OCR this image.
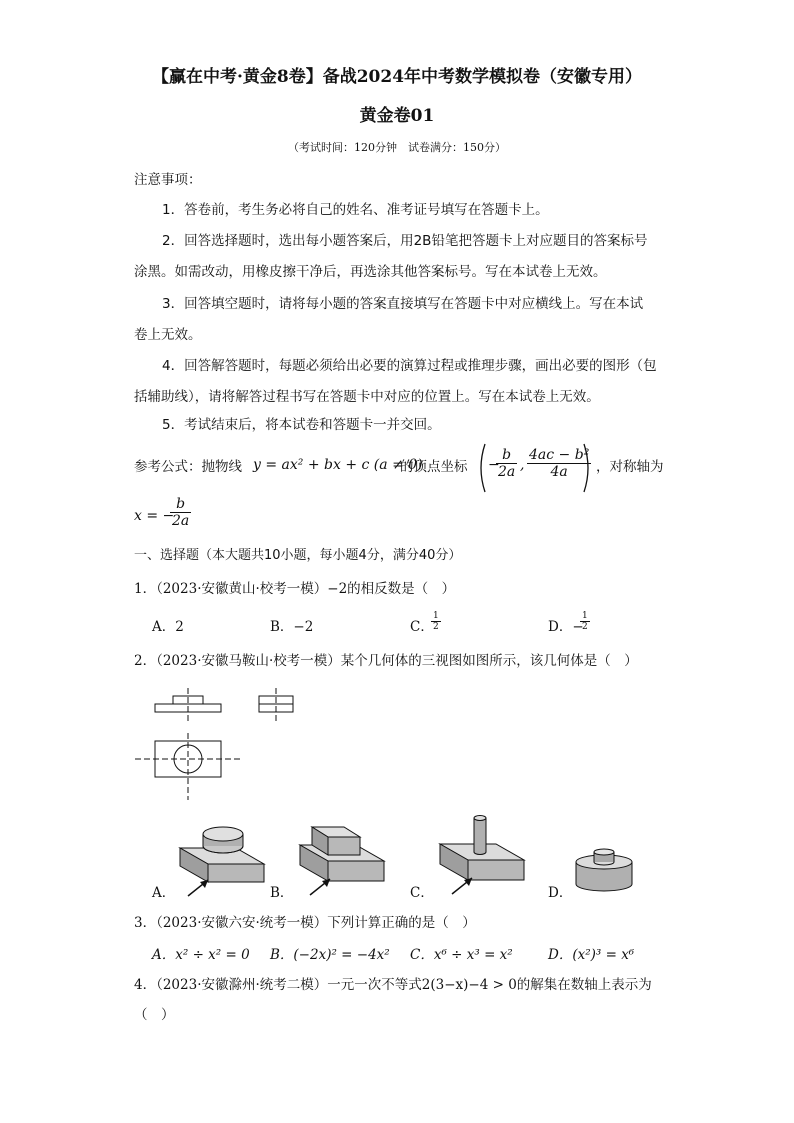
【赢在中考·黄金8卷】备战2024年中考数学模拟卷（安徽专用）
黄金卷01
（考试时间：120分钟　试卷满分：150分）
注意事项：
1．答卷前，考生务必将自己的姓名、准考证号填写在答题卡上。
2．回答选择题时，选出每小题答案后，用2B铅笔把答题卡上对应题目的答案标号
涂黑。如需改动，用橡皮擦干净后，再选涂其他答案标号。写在本试卷上无效。
3．回答填空题时，请将每小题的答案直接填写在答题卡中对应横线上。写在本试
卷上无效。
4．回答解答题时，每题必须给出必要的演算过程或推理步骤，画出必要的图形（包
括辅助线），请将解答过程书写在答题卡中对应的位置上。写在本试卷上无效。
5．考试结束后，将本试卷和答题卡一并交回。
参考公式：抛物线 y = ax² + bx + c (a ≠ 0)
的顶点坐标 −
$\frac{b}{2a}$ , $\frac{\text{4ac − b²}}{4a}$ ，对称轴为
x = −
$\frac{b}{2a}$
一、选择题（本大题共10小题，每小题4分，满分40分）
1．（2023·安徽黄山·校考一模）−2的相反数是（　）
A．2	B．−2	C．
$\frac{1}{2}$	D．−
$\frac{1}{2}$
2．（2023·安徽马鞍山·校考一模）某个几何体的三视图如图所示，该几何体是（　）
A．	B．	C．	D．
3．（2023·安徽六安·统考一模）下列计算正确的是（　）
A．x² ÷ x² = 0 B．(−2x)² = −4x² C．x⁶ ÷ x³ = x²	D．(x²)³ = x⁶
4．（2023·安徽滁州·统考二模）一元一次不等式2(3−x)−4 > 0的解集在数轴上表示为
（　）
